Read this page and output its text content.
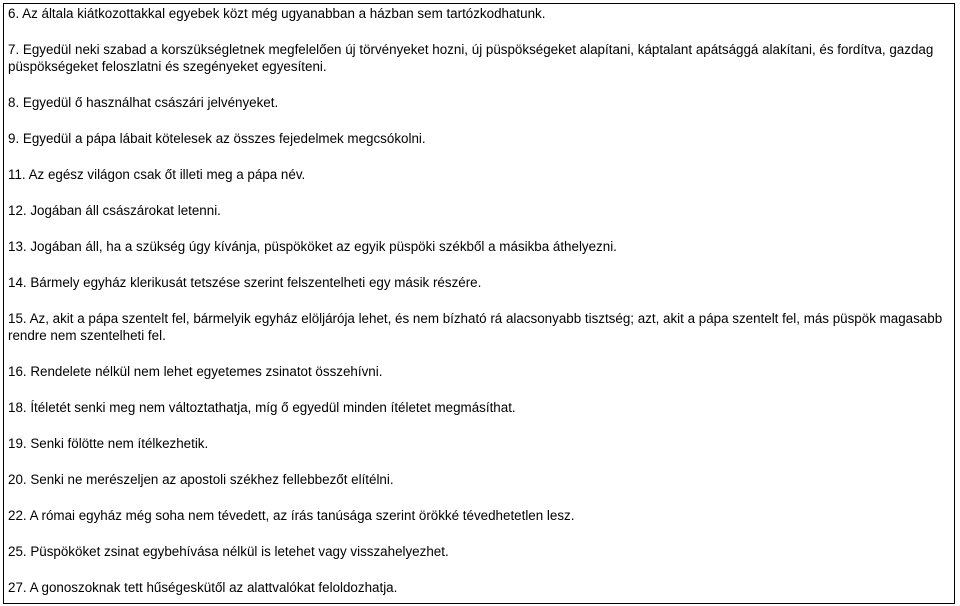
6. Az általa kiátkozottakkal egyebek közt még ugyanabban a házban sem tartózkodhatunk.

7. Egyedül neki szabad a korszükségletnek megfelelően új törvényeket hozni, új püspökségeket alapítani, káptalant apátsággá alakítani, és fordítva, gazdag püspökségeket feloszlatni és szegényeket egyesíteni.

8. Egyedül ő használhat császári jelvényeket.

9. Egyedül a pápa lábait kötelesek az összes fejedelmek megcsókolni.

11. Az egész világon csak őt illeti meg a pápa név.

12. Jogában áll császárokat letenni.

13. Jogában áll, ha a szükség úgy kívánja, püspököket az egyik püspöki székből a másikba áthelyezni.

14. Bármely egyház klerikusát tetszése szerint felszentelheti egy másik részére.

15. Az, akit a pápa szentelt fel, bármelyik egyház elöljárója lehet, és nem bízható rá alacsonyabb tisztség; azt, akit a pápa szentelt fel, más püspök magasabb rendre nem szentelheti fel.

16. Rendelete nélkül nem lehet egyetemes zsinatot összehívni.

18. Ítéletét senki meg nem változtathatja, míg ő egyedül minden ítéletet megmásíthat.

19. Senki fölötte nem ítélkezhetik.

20. Senki ne merészeljen az apostoli székhez fellebbezőt elítélni.

22. A római egyház még soha nem tévedett, az írás tanúsága szerint örökké tévedhetetlen lesz.

25. Püspököket zsinat egybehívása nélkül is letehet vagy visszahelyezhet.

27. A gonoszoknak tett hűségeskütől az alattvalókat feloldozhatja.
